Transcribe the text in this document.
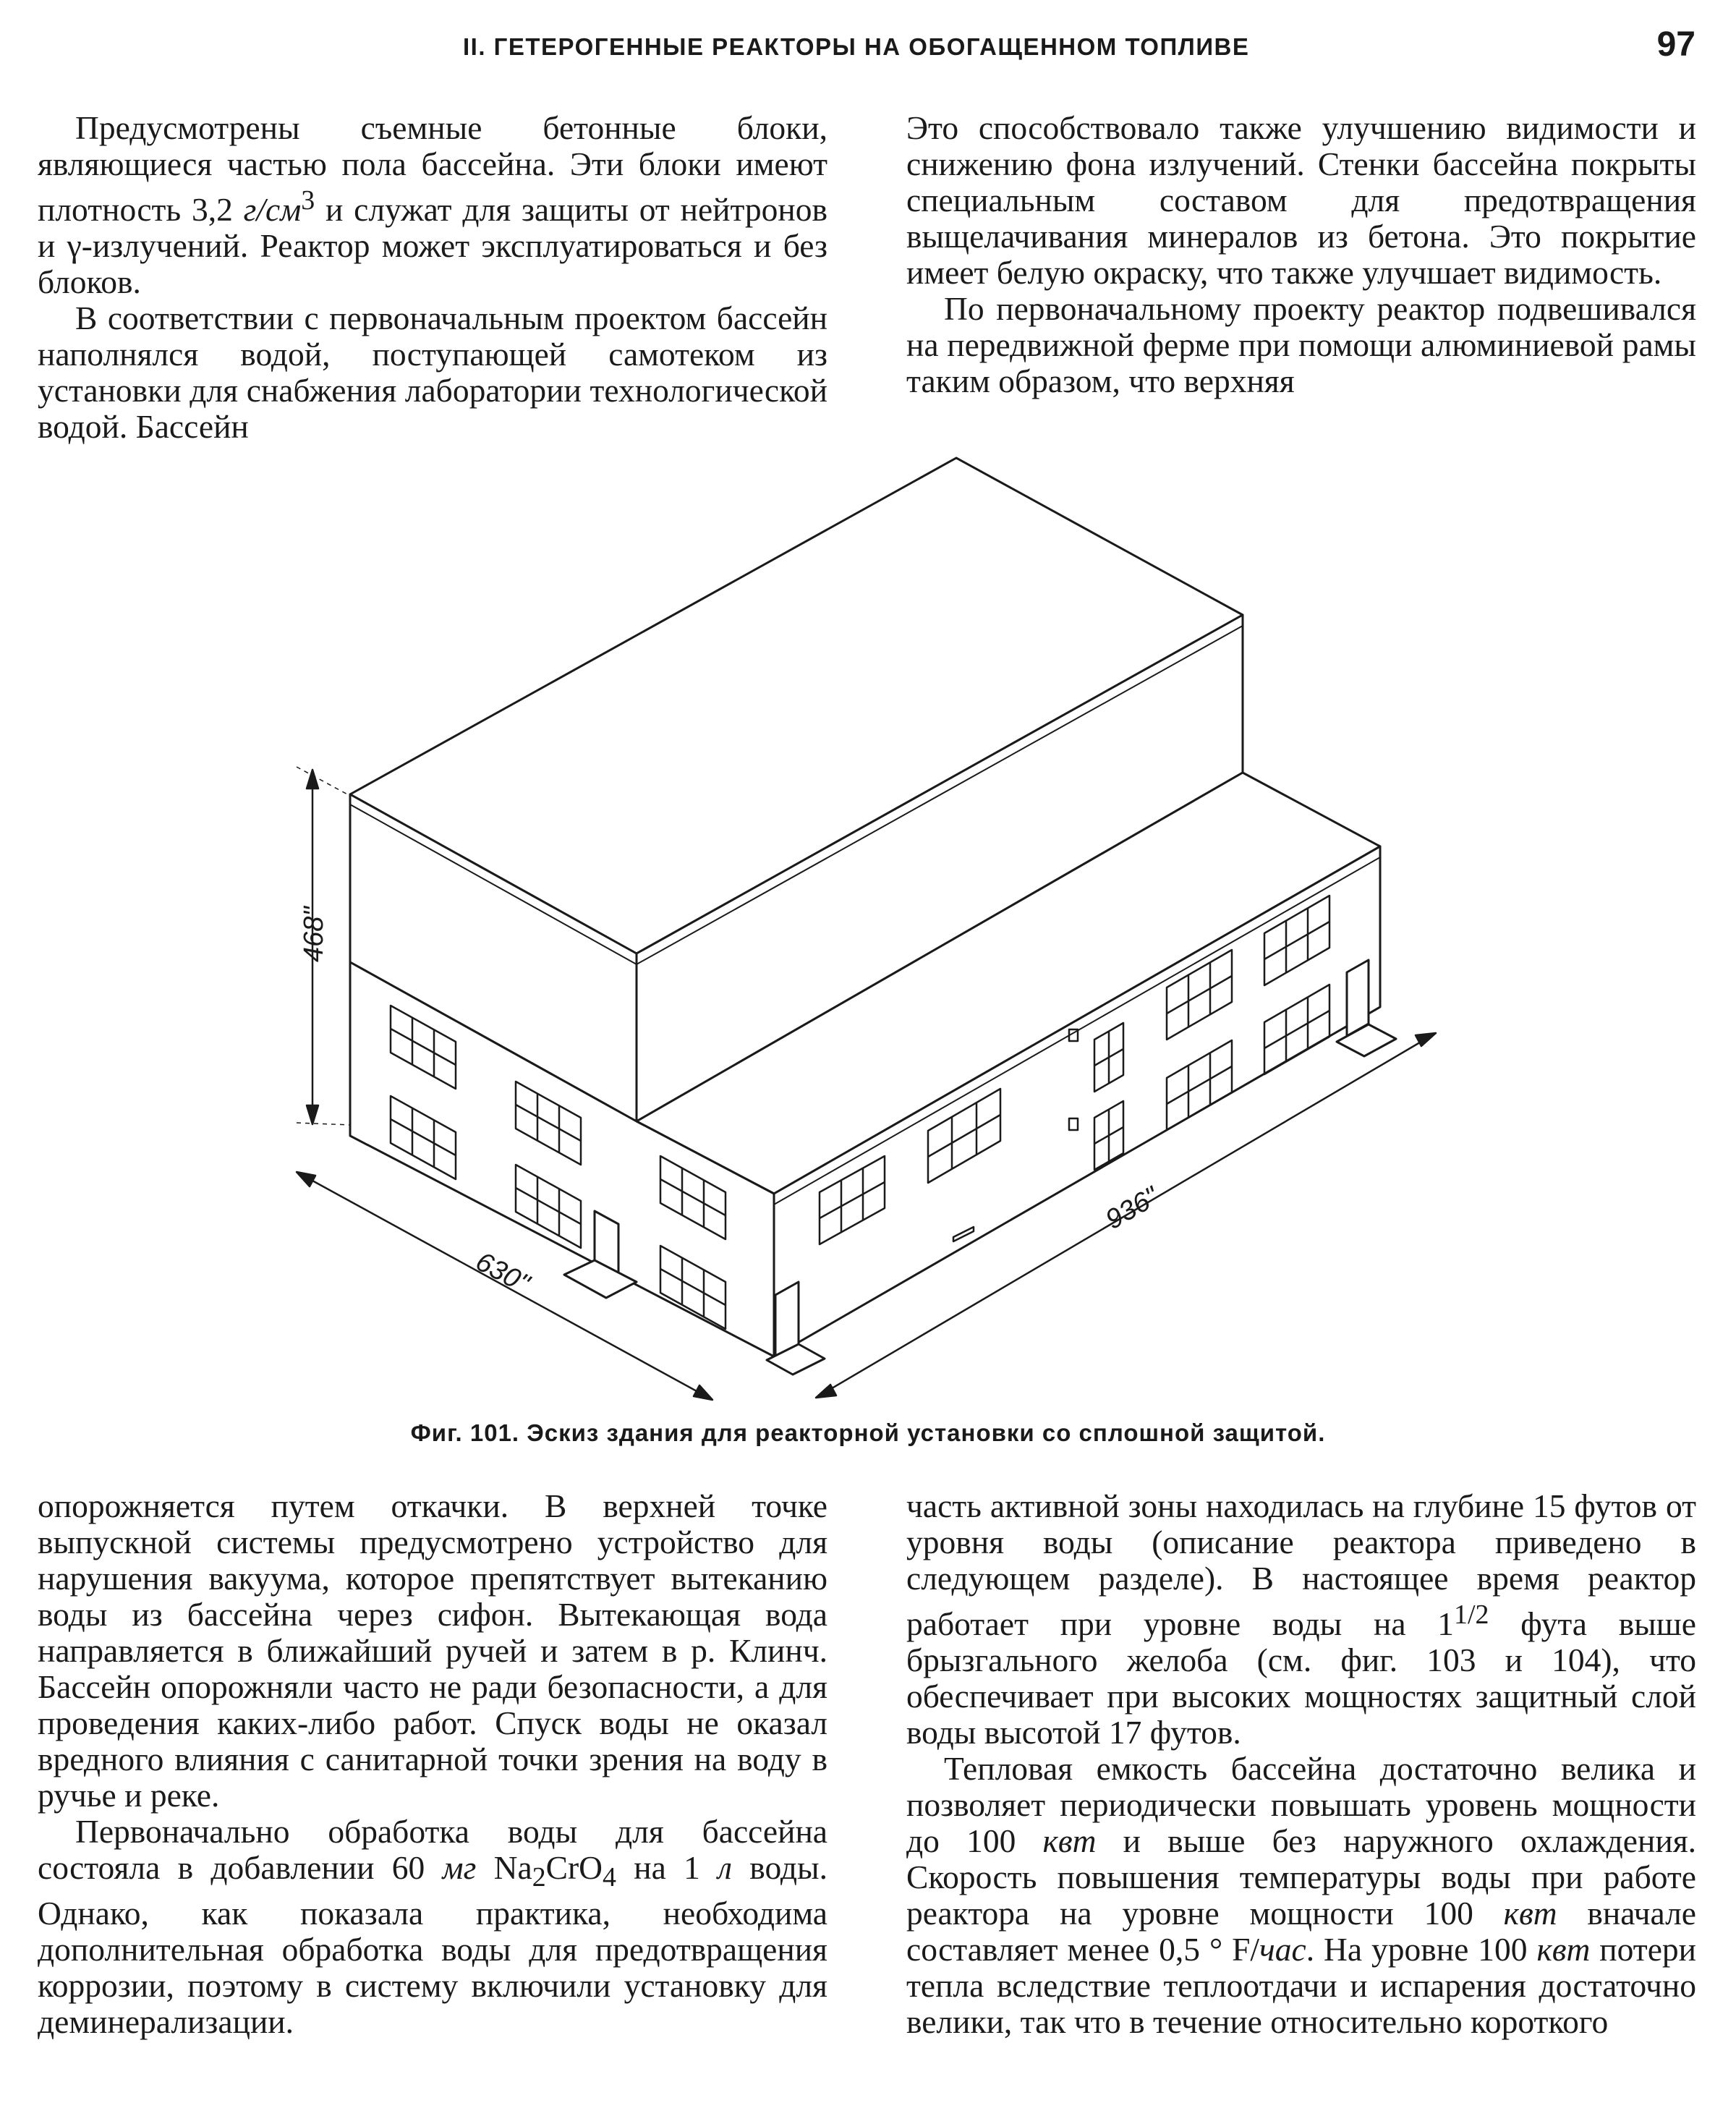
II. ГЕТЕРОГЕННЫЕ РЕАКТОРЫ НА ОБОГАЩЕННОМ ТОПЛИВЕ	97

Предусмотрены съемные бетонные блоки, являющиеся частью пола бассейна. Эти блоки имеют плотность 3,2 $г/см^3$ и служат для защиты от нейтронов и γ-излучений. Реактор может эксплуатироваться и без блоков.

В соответствии с первоначальным проектом бассейн наполнялся водой, поступающей самотеком из установки для снабжения лаборатории технологической водой. Бассейн

Это способствовало также улучшению видимости и снижению фона излучений. Стенки бассейна покрыты специальным составом для предотвращения выщелачивания минералов из бетона. Это покрытие имеет белую окраску, что также улучшает видимость.

По первоначальному проекту реактор подвешивался на передвижной ферме при помощи алюминиевой рамы таким образом, что верхняя

468"
630"
936"
Фиг. 101. Эскиз здания для реакторной установки со сплошной защитой.

опорожняется путем откачки. В верхней точке выпускной системы предусмотрено устройство для нарушения вакуума, которое препятствует вытеканию воды из бассейна через сифон. Вытекающая вода направляется в ближайший ручей и затем в р. Клинч. Бассейн опорожняли часто не ради безопасности, а для проведения каких-либо работ. Спуск воды не оказал вредного влияния с санитарной точки зрения на воду в ручье и реке.

Первоначально обработка воды для бассейна состояла в добавлении 60 мг $Na_2CrO_4$ на 1 л воды. Однако, как показала практика, необходима дополнительная обработка воды для предотвращения коррозии, поэтому в систему включили установку для деминерализации.

часть активной зоны находилась на глубине 15 футов от уровня воды (описание реактора приведено в следующем разделе). В настоящее время реактор работает при уровне воды на $1^{1/2}$ фута выше брызгального желоба (см. фиг. 103 и 104), что обеспечивает при высоких мощностях защитный слой воды высотой 17 футов.

Тепловая емкость бассейна достаточно велика и позволяет периодически повышать уровень мощности до 100 квт и выше без наружного охлаждения. Скорость повышения температуры воды при работе реактора на уровне мощности 100 квт вначале составляет менее 0,5 ° F/час. На уровне 100 квт потери тепла вследствие теплоотдачи и испарения достаточно велики, так что в течение относительно короткого
